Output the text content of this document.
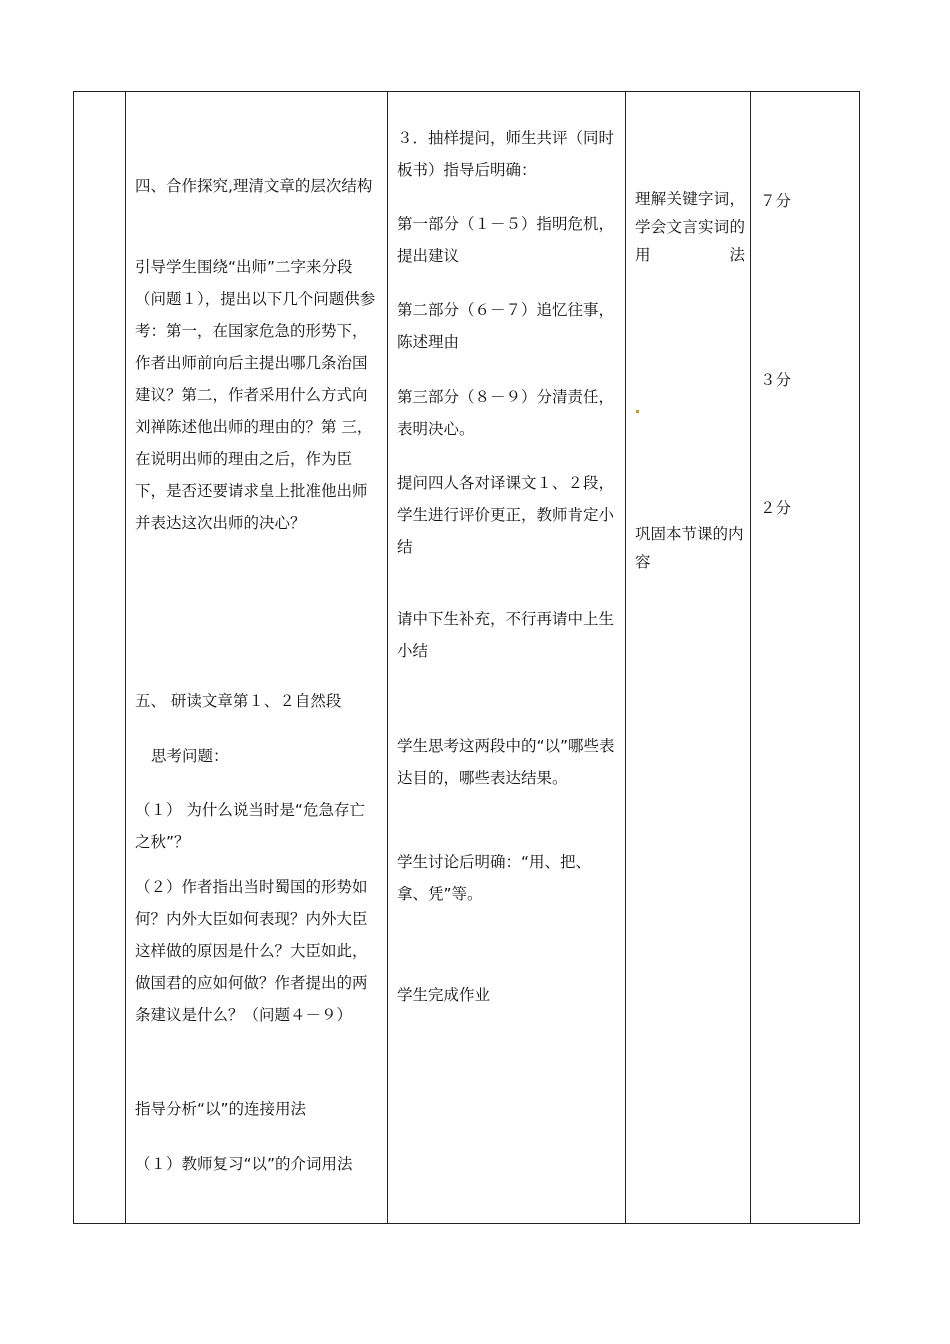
四、合作探究,理清文章的层次结构

引导学生围绕“出师”二字来分段（问题１），提出以下几个问题供参考：第一，在国家危急的形势下，作者出师前向后主提出哪几条治国建议？第二，作者采用什么方式向刘禅陈述他出师的理由的？第 三，在说明出师的理由之后，作为臣下，是否还要请求皇上批准他出师并表达这次出师的决心？

五、 研读文章第１、２自然段

思考问题：

（１） 为什么说当时是“危急存亡之秋”？

（２）作者指出当时蜀国的形势如何？内外大臣如何表现？内外大臣这样做的原因是什么？大臣如此，做国君的应如何做？作者提出的两条建议是什么？（问题４－９）

指导分析“以”的连接用法

（１）教师复习“以”的介词用法

３．抽样提问，师生共评（同时板书）指导后明确：

第一部分（１－５）指明危机，提出建议

第二部分（６－７）追忆往事，陈述理由

第三部分（８－９）分清责任，表明决心。

提问四人各对译课文１、２段，学生进行评价更正，教师肯定小结

请中下生补充，不行再请中上生小结

学生思考这两段中的“以”哪些表达目的，哪些表达结果。

学生讨论后明确：“用、把、拿、凭”等。

学生完成作业

理解关键字词，学会文言实词的用法

巩固本节课的内容

７分

３分

２分
